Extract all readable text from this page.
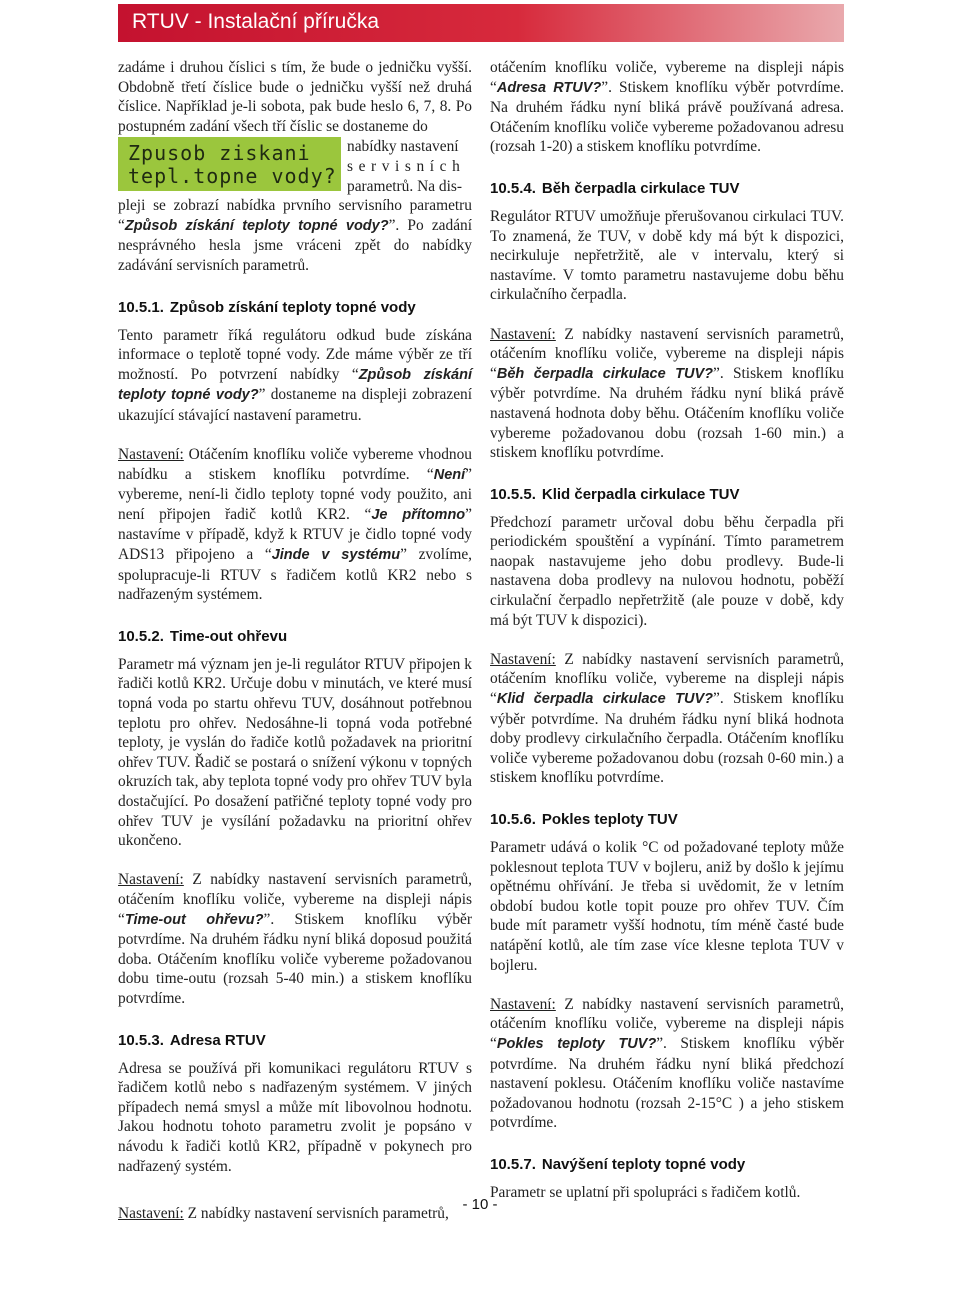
RTUV - Instalační příručka

zadáme i druhou číslici s tím, že bude o jedničku vyšší. Obdobně třetí číslice bude o jedničku vyšší než druhá číslice. Například je-li sobota, pak bude heslo 6, 7, 8. Po postupném zadání všech tří číslic se dostaneme do

Zpusob ziskani
tepl.topne vody?

nabídky nastavení

servisních

parametrů. Na dis-

pleji se zobrazí nabídka prvního servisního parametru “Způsob získání teploty topné vody?”. Po zadání nesprávného hesla jsme vráceni zpět do nabídky zadávání servisních parametrů.

10.5.1. Způsob získání teploty topné vody

Tento parametr říká regulátoru odkud bude získána informace o teplotě topné vody. Zde máme výběr ze tří možností. Po potvrzení nabídky “Způsob získání teploty topné vody?” dostaneme na displeji zobrazení ukazující stávající nastavení parametru.

Nastavení: Otáčením knoflíku voliče vybereme vhodnou nabídku a stiskem knoflíku potvrdíme. “Není” vybereme, není-li čidlo teploty topné vody použito, ani není připojen řadič kotlů KR2. “Je přítomno” nastavíme v případě, když k RTUV je čidlo topné vody ADS13 připojeno a “Jinde v systému” zvolíme, spolupracuje-li RTUV s řadičem kotlů KR2 nebo s nadřazeným systémem.

10.5.2. Time-out ohřevu

Parametr má význam jen je-li regulátor RTUV připojen k řadiči kotlů KR2. Určuje dobu v minutách, ve které musí topná voda po startu ohřevu TUV, dosáhnout potřebnou teplotu pro ohřev. Nedosáhne-li topná voda potřebné teploty, je vyslán do řadiče kotlů požadavek na prioritní ohřev TUV. Řadič se postará o snížení výkonu v topných okruzích tak, aby teplota topné vody pro ohřev TUV byla dostačující. Po dosažení patřičné teploty topné vody pro ohřev TUV je vysílání požadavku na prioritní ohřev ukončeno.

Nastavení: Z nabídky nastavení servisních parametrů, otáčením knoflíku voliče, vybereme na displeji nápis “Time-out ohřevu?”. Stiskem knoflíku výběr potvrdíme. Na druhém řádku nyní bliká doposud použitá doba. Otáčením knoflíku voliče vybereme požadovanou dobu time-outu (rozsah 5-40 min.) a stiskem knoflíku potvrdíme.

10.5.3. Adresa RTUV

Adresa se používá při komunikaci regulátoru RTUV s řadičem kotlů nebo s nadřazeným systémem. V jiných případech nemá smysl a může mít libovolnou hodnotu. Jakou hodnotu tohoto parametru zvolit je popsáno v návodu k řadiči kotlů KR2, případně v pokynech pro nadřazený systém.

Nastavení: Z nabídky nastavení servisních parametrů,

otáčením knoflíku voliče, vybereme na displeji nápis “Adresa RTUV?”. Stiskem knoflíku výběr potvrdíme. Na druhém řádku nyní bliká právě používaná adresa. Otáčením knoflíku voliče vybereme požadovanou adresu (rozsah 1-20) a stiskem knoflíku potvrdíme.

10.5.4. Běh čerpadla cirkulace TUV

Regulátor RTUV umožňuje přerušovanou cirkulaci TUV. To znamená, že TUV, v době kdy má být k dispozici, necirkuluje nepřetržitě, ale v intervalu, který si nastavíme. V tomto parametru nastavujeme dobu běhu cirkulačního čerpadla.

Nastavení: Z nabídky nastavení servisních parametrů, otáčením knoflíku voliče, vybereme na displeji nápis “Běh čerpadla cirkulace TUV?”. Stiskem knoflíku výběr potvrdíme. Na druhém řádku nyní bliká právě nastavená hodnota doby běhu. Otáčením knoflíku voliče vybereme požadovanou dobu (rozsah 1-60 min.) a stiskem knoflíku potvrdíme.

10.5.5. Klid čerpadla cirkulace TUV

Předchozí parametr určoval dobu běhu čerpadla při periodickém spouštění a vypínání. Tímto parametrem naopak nastavujeme jeho dobu prodlevy. Bude-li nastavena doba prodlevy na nulovou hodnotu, poběží cirkulační čerpadlo nepřetržitě (ale pouze v době, kdy má být TUV k dispozici).

Nastavení: Z nabídky nastavení servisních parametrů, otáčením knoflíku voliče, vybereme na displeji nápis “Klid čerpadla cirkulace TUV?”. Stiskem knoflíku výběr potvrdíme. Na druhém řádku nyní bliká hodnota doby prodlevy cirkulačního čerpadla. Otáčením knoflíku voliče vybereme požadovanou dobu (rozsah 0-60 min.) a stiskem knoflíku potvrdíme.

10.5.6. Pokles teploty TUV

Parametr udává o kolik °C od požadované teploty může poklesnout teplota TUV v bojleru, aniž by došlo k jejímu opětnému ohřívání. Je třeba si uvědomit, že v letním období budou kotle topit pouze pro ohřev TUV. Čím bude mít parametr vyšší hodnotu, tím méně časté bude natápění kotlů, ale tím zase více klesne teplota TUV v bojleru.

Nastavení: Z nabídky nastavení servisních parametrů, otáčením knoflíku voliče, vybereme na displeji nápis “Pokles teploty TUV?”. Stiskem knoflíku výběr potvrdíme. Na druhém řádku nyní bliká předchozí nastavení poklesu. Otáčením knoflíku voliče nastavíme požadovanou hodnotu (rozsah 2-15°C ) a jeho stiskem potvrdíme.

10.5.7. Navýšení teploty topné vody

Parametr se uplatní při spolupráci s řadičem kotlů.

- 10 -
